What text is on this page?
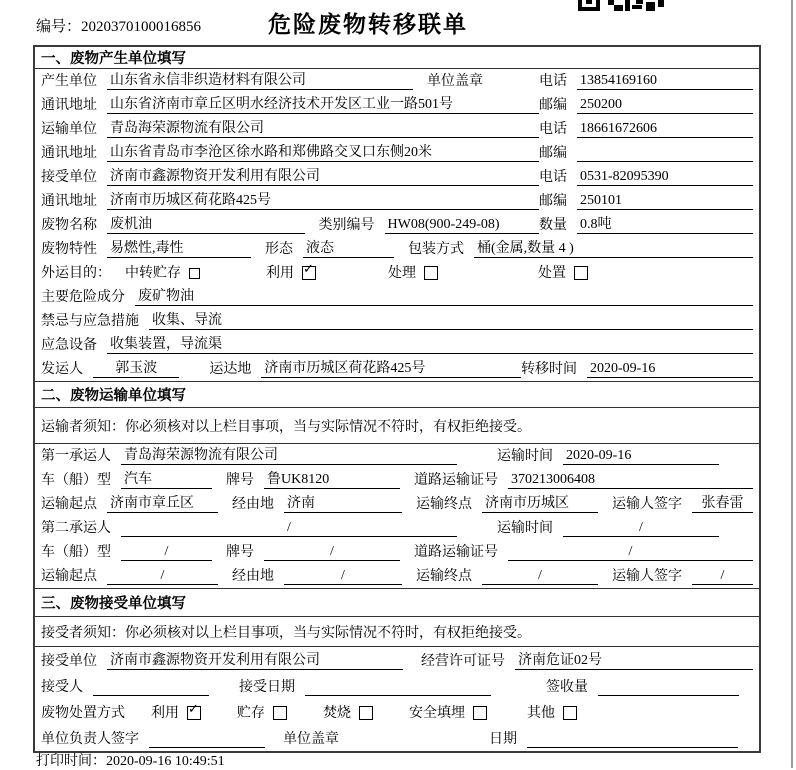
编号：2020370100016856	危险废物转移联单
一、废物产生单位填写
产生单位 山东省永信非织造材料有限公司	单位盖章	电话 13854169160
通讯地址 山东省济南市章丘区明水经济技术开发区工业一路501号	邮编 250200
运输单位 青岛海荣源物流有限公司	电话 18661672606
通讯地址 山东省青岛市李沧区徐水路和郑佛路交叉口东侧20米	邮编
接受单位 济南市鑫源物资开发利用有限公司	电话 0531-82095390
通讯地址 济南市历城区荷花路425号	邮编 250101
废物名称 废机油	类别编号 HW08(900-249-08)	数量 0.8吨
废物特性 易燃性,毒性	形态 液态	包装方式 桶(金属,数量 4 )
外运目的： 中转贮存	利用 ✓	处理	处置
主要危险成分 废矿物油
禁忌与应急措施 收集、导流
应急设备 收集装置，导流渠
发运人	郭玉波	运达地 济南市历城区荷花路425号	转移时间 2020-09-16
二、废物运输单位填写
运输者须知：你必须核对以上栏目事项，当与实际情况不符时，有权拒绝接受。
第一承运人 青岛海荣源物流有限公司	运输时间 2020-09-16
车（船）型 汽车	牌号 鲁UK8120	道路运输证号 370213006408
运输起点 济南市章丘区	经由地 济南	运输终点 济南市历城区	运输人签字	张春雷
第二承运人	/	运输时间	/
车（船）型	/	牌号	/	道路运输证号	/
运输起点	/	经由地	/	运输终点	/	运输人签字	/
三、废物接受单位填写
接受者须知：你必须核对以上栏目事项，当与实际情况不符时，有权拒绝接受。
接受单位 济南市鑫源物资开发利用有限公司	经营许可证号 济南危证02号
接受人	接受日期	签收量
废物处置方式 利用 ✓	贮存	焚烧	安全填埋	其他
单位负责人签字	单位盖章	日期
打印时间：2020-09-16 10:49:51
